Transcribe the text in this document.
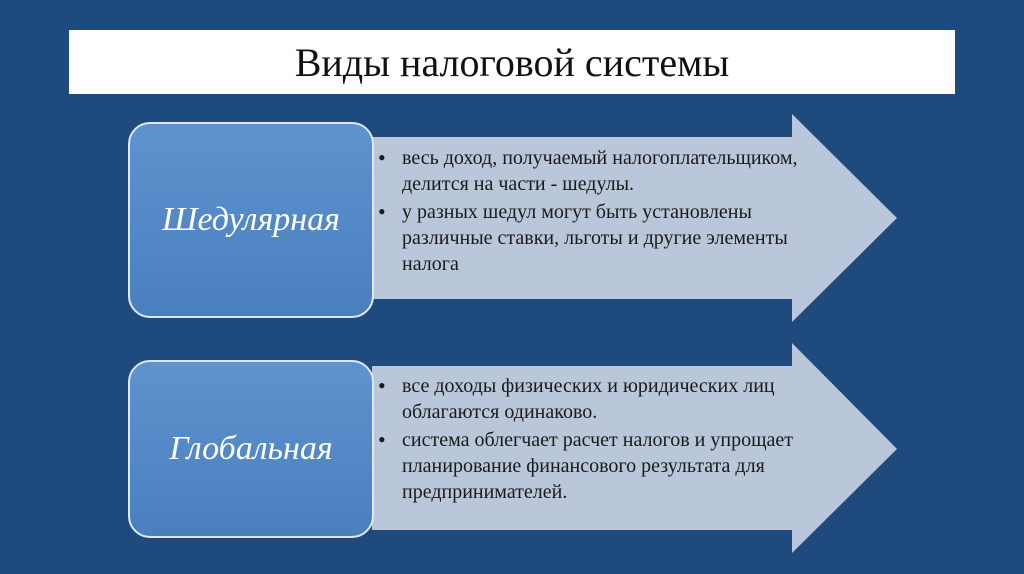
Виды налоговой системы
• весь доход, получаемый налогоплательщиком, делится на части - шедулы.
• у разных шедул могут быть установлены различные ставки, льготы и другие элементы налога
• все доходы физических и юридических лиц облагаются одинаково.
• система облегчает расчет налогов и упрощает планирование финансового результата для предпринимателей.
Шедулярная
Глобальная
